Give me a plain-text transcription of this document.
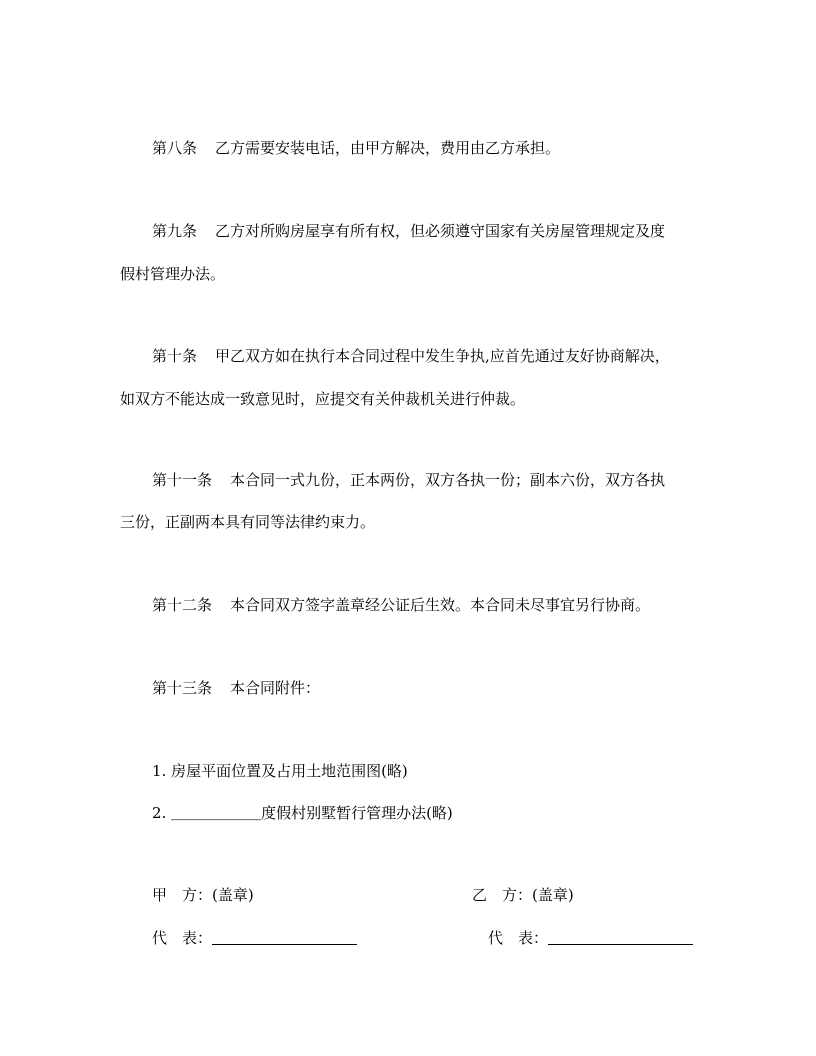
第八条 乙方需要安装电话，由甲方解决，费用由乙方承担。
第九条 乙方对所购房屋享有所有权，但必须遵守国家有关房屋管理规定及度
假村管理办法。
第十条 甲乙双方如在执行本合同过程中发生争执,应首先通过友好协商解决，
如双方不能达成一致意见时，应提交有关仲裁机关进行仲裁。
第十一条 本合同一式九份，正本两份，双方各执一份；副本六份，双方各执
三份，正副两本具有同等法律约束力。
第十二条 本合同双方签字盖章经公证后生效。本合同未尽事宜另行协商。
第十三条 本合同附件：
1. 房屋平面位置及占用土地范围图(略)
2. ＿＿＿＿＿＿度假村别墅暂行管理办法(略)
甲　方：(盖章)	乙　方：(盖章)
代　表：	代　表：
